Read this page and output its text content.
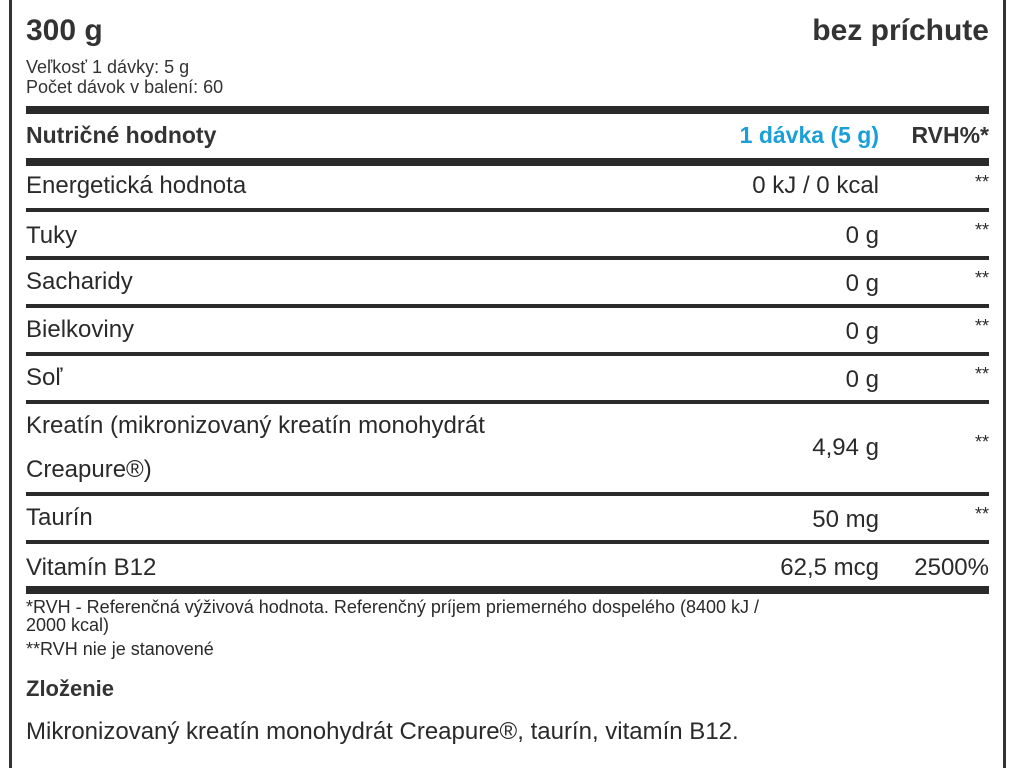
300 g	bez príchute
Veľkosť 1 dávky: 5 g
Počet dávok v balení: 60
Nutričné hodnoty	1 dávka (5 g) RVH%*
Energetická hodnota	0 kJ / 0 kcal	**
Tuky	0 g	**
Sacharidy	0 g	**
Bielkoviny	0 g	**
Soľ	0 g	**
Kreatín (mikronizovaný kreatín monohydrát
Creapure®)
4,94 g	**
Taurín	50 mg	**
Vitamín B12	62,5 mcg 2500%
*RVH - Referenčná výživová hodnota. Referenčný príjem priemerného dospelého (8400 kJ /
2000 kcal)
**RVH nie je stanovené
Zloženie
Mikronizovaný kreatín monohydrát Creapure®, taurín, vitamín B12.
